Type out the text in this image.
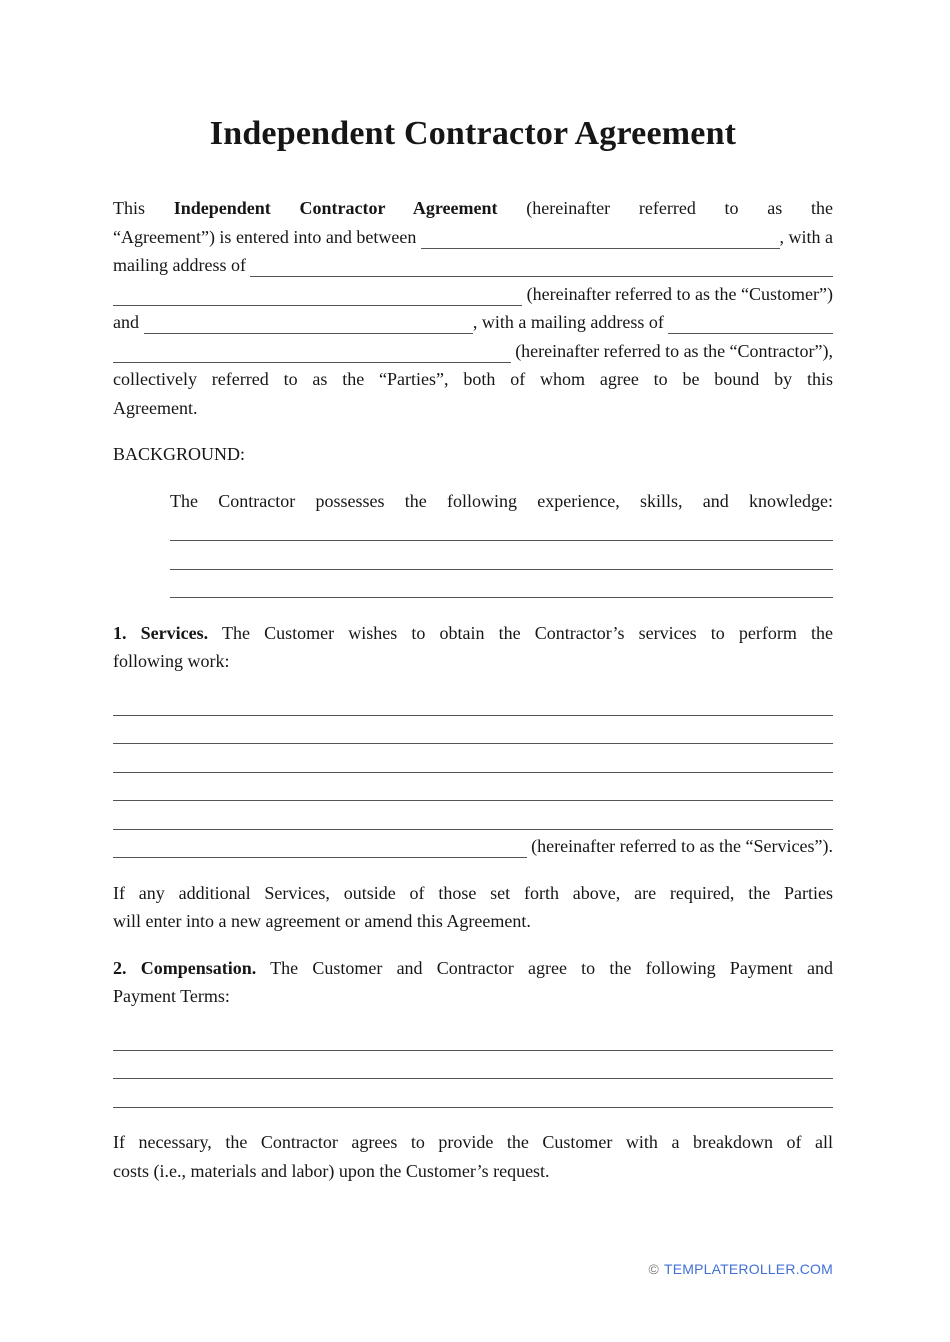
Independent Contractor Agreement
This Independent Contractor Agreement (hereinafter referred to as the
“Agreement”) is entered into and between	, with a
mailing address of
(hereinafter referred to as the “Customer”)
and	, with a mailing address of
(hereinafter referred to as the “Contractor”),
collectively referred to as the “Parties”, both of whom agree to be bound by this
Agreement.
BACKGROUND:
The Contractor possesses the following experience, skills, and knowledge:
1. Services. The Customer wishes to obtain the Contractor’s services to perform the
following work:
(hereinafter referred to as the “Services”).
If any additional Services, outside of those set forth above, are required, the Parties
will enter into a new agreement or amend this Agreement.
2. Compensation. The Customer and Contractor agree to the following Payment and
Payment Terms:
If necessary, the Contractor agrees to provide the Customer with a breakdown of all
costs (i.e., materials and labor) upon the Customer’s request.
© TEMPLATEROLLER.COM
